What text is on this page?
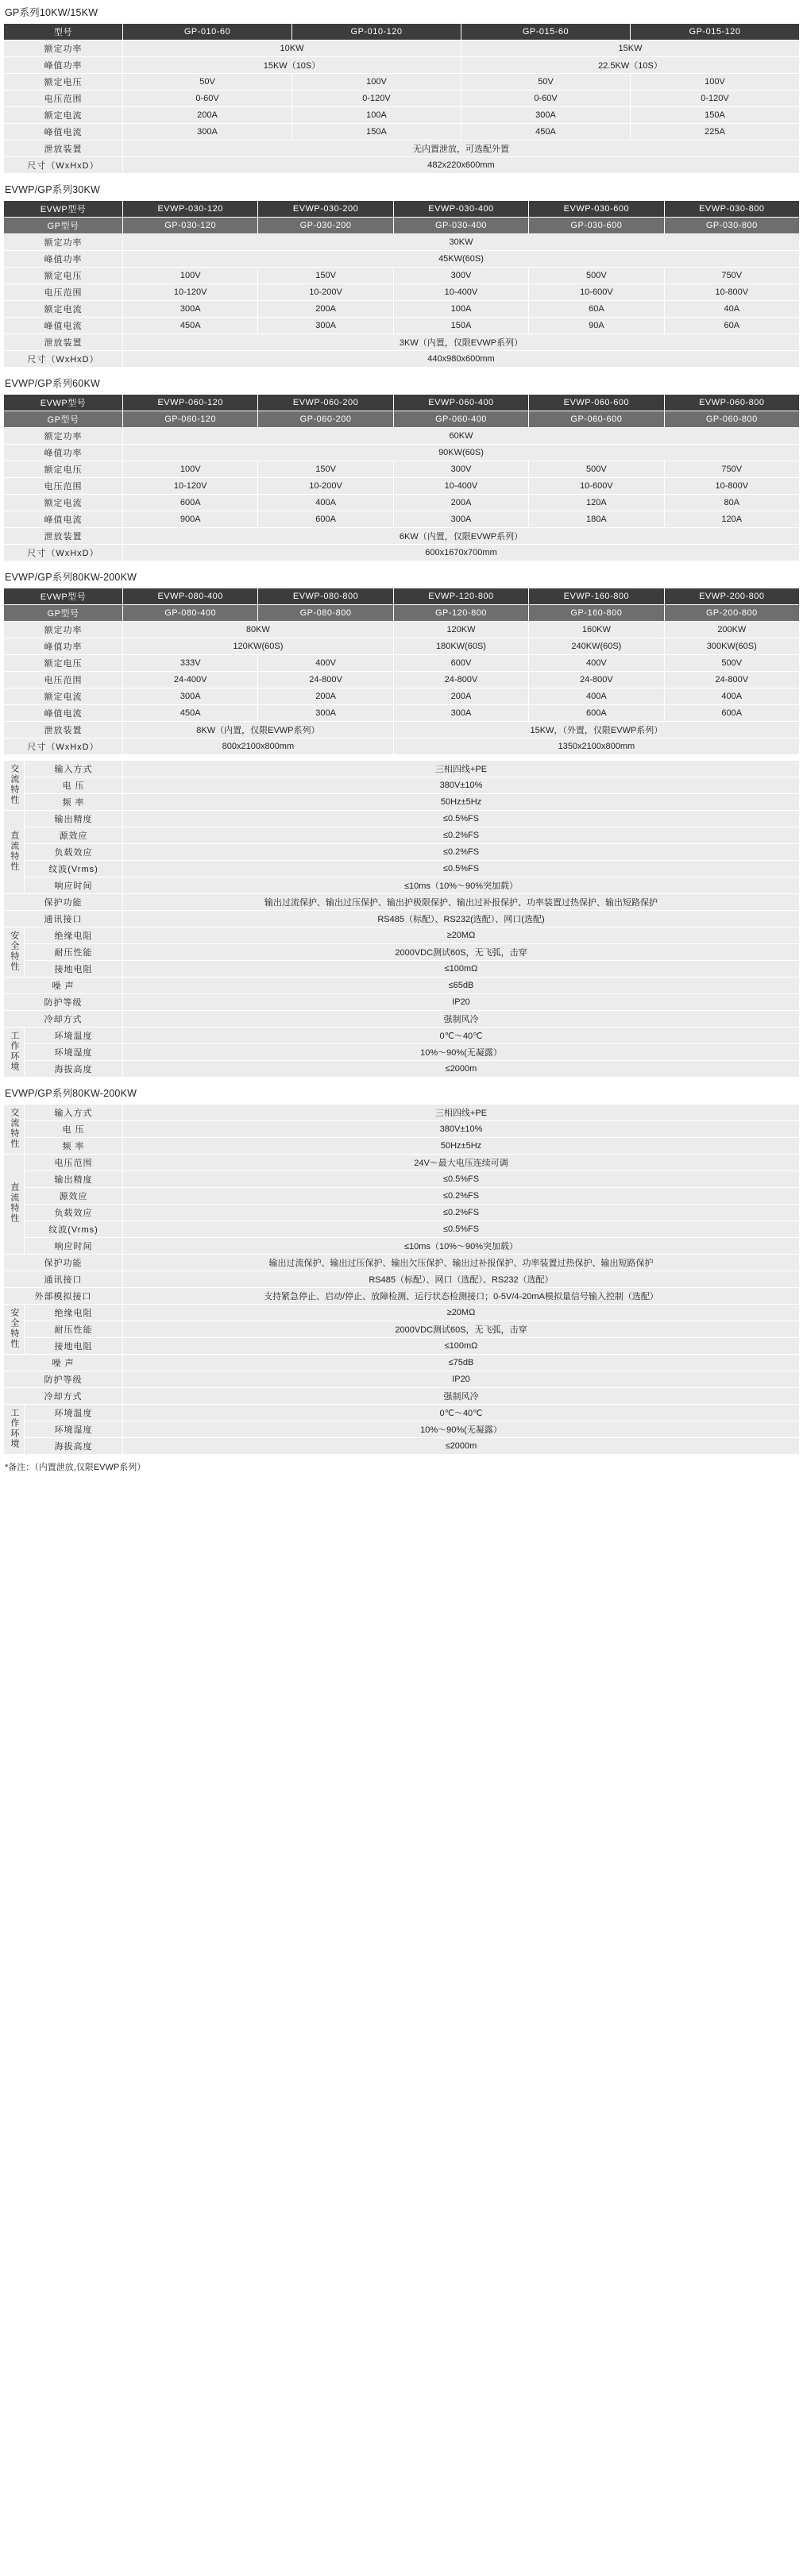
GP系列10KW/15KW
型号	GP-010-60	GP-010-120	GP-015-60	GP-015-120
额定功率	10KW		15KW	
峰值功率	15KW（10S）		22.5KW（10S）	
额定电压	50V	100V	50V	100V
电压范围	0-60V	0-120V	0-60V	0-120V
额定电流	200A	100A	300A	150A
峰值电流	300A	150A	450A	225A
泄放装置	无内置泄放，可选配外置			
尺寸（WxHxD）	482x220x600mm			
EVWP/GP系列30KW
EVWP型号	EVWP-030-120	EVWP-030-200	EVWP-030-400	EVWP-030-600	EVWP-030-800
GP型号	GP-030-120	GP-030-200	GP-030-400	GP-030-600	GP-030-800
额定功率	30KW				
峰值功率	45KW(60S)				
额定电压	100V	150V	300V	500V	750V
电压范围	10-120V	10-200V	10-400V	10-600V	10-800V
额定电流	300A	200A	100A	60A	40A
峰值电流	450A	300A	150A	90A	60A
泄放装置	3KW（内置，仅限EVWP系列）				
尺寸（WxHxD）	440x980x600mm				
EVWP/GP系列60KW
EVWP型号	EVWP-060-120	EVWP-060-200	EVWP-060-400	EVWP-060-600	EVWP-060-800
GP型号	GP-060-120	GP-060-200	GP-060-400	GP-060-600	GP-060-800
额定功率	60KW				
峰值功率	90KW(60S)				
额定电压	100V	150V	300V	500V	750V
电压范围	10-120V	10-200V	10-400V	10-600V	10-800V
额定电流	600A	400A	200A	120A	80A
峰值电流	900A	600A	300A	180A	120A
泄放装置	6KW（内置，仅限EVWP系列）				
尺寸（WxHxD）	600x1670x700mm				
EVWP/GP系列80KW-200KW
EVWP型号	EVWP-080-400	EVWP-080-800	EVWP-120-800	EVWP-160-800	EVWP-200-800
GP型号	GP-080-400	GP-080-800	GP-120-800	GP-160-800	GP-200-800
额定功率	80KW		120KW	160KW	200KW
峰值功率	120KW(60S)		180KW(60S)	240KW(60S)	300KW(60S)
额定电压	333V	400V	600V	400V	500V
电压范围	24-400V	24-800V	24-800V	24-800V	24-800V
额定电流	300A	200A	200A	400A	400A
峰值电流	450A	300A	300A	600A	600A
泄放装置	8KW（内置，仅限EVWP系列）		15KW，（外置，仅限EVWP系列）		
尺寸（WxHxD）	800x2100x800mm		1350x2100x800mm		
交流特性	输入方式	三相四线+PE
	电 压	380V±10%
	频 率	50Hz±5Hz
直流特性	输出精度	≤0.5%FS
	源效应	≤0.2%FS
	负载效应	≤0.2%FS
	纹波(Vrms)	≤0.5%FS
	响应时间	≤10ms（10%～90%突加载）
保护功能		输出过流保护、输出过压保护、输出护极限保护、输出过补报保护、功率装置过热保护、输出短路保护
通讯接口		RS485（标配）、RS232(选配）、网口(选配)
安全特性	绝缘电阻	≥20MΩ
	耐压性能	2000VDC测试60S，无飞弧，击穿
	接地电阻	≤100mΩ
噪 声		≤65dB
防护等级		IP20
冷却方式		强制风冷
工作环境	环境温度	0℃～40℃
	环境湿度	10%～90%(无凝露）
	海拔高度	≤2000m
EVWP/GP系列80KW-200KW
交流特性	输入方式	三相四线+PE
	电 压	380V±10%
	频 率	50Hz±5Hz
直流特性	电压范围	24V～最大电压连续可调
	输出精度	≤0.5%FS
	源效应	≤0.2%FS
	负载效应	≤0.2%FS
	纹波(Vrms)	≤0.5%FS
	响应时间	≤10ms（10%～90%突加载）
保护功能		输出过流保护、输出过压保护、输出欠压保护、输出过补报保护、功率装置过热保护、输出短路保护
通讯接口		RS485（标配）、网口（选配）、RS232（选配）
外部模拟接口		支持紧急停止、启动/停止、放障检测、运行状态检测接口；0-5V/4-20mA模拟量信号输入控制（选配）
安全特性	绝缘电阻	≥20MΩ
	耐压性能	2000VDC测试60S，无飞弧，击穿
	接地电阻	≤100mΩ
噪 声		≤75dB
防护等级		IP20
冷却方式		强制风冷
工作环境	环境温度	0℃～40℃
	环境湿度	10%～90%(无凝露）
	海拔高度	≤2000m
*备注：（内置泄放,仅限EVWP系列）
